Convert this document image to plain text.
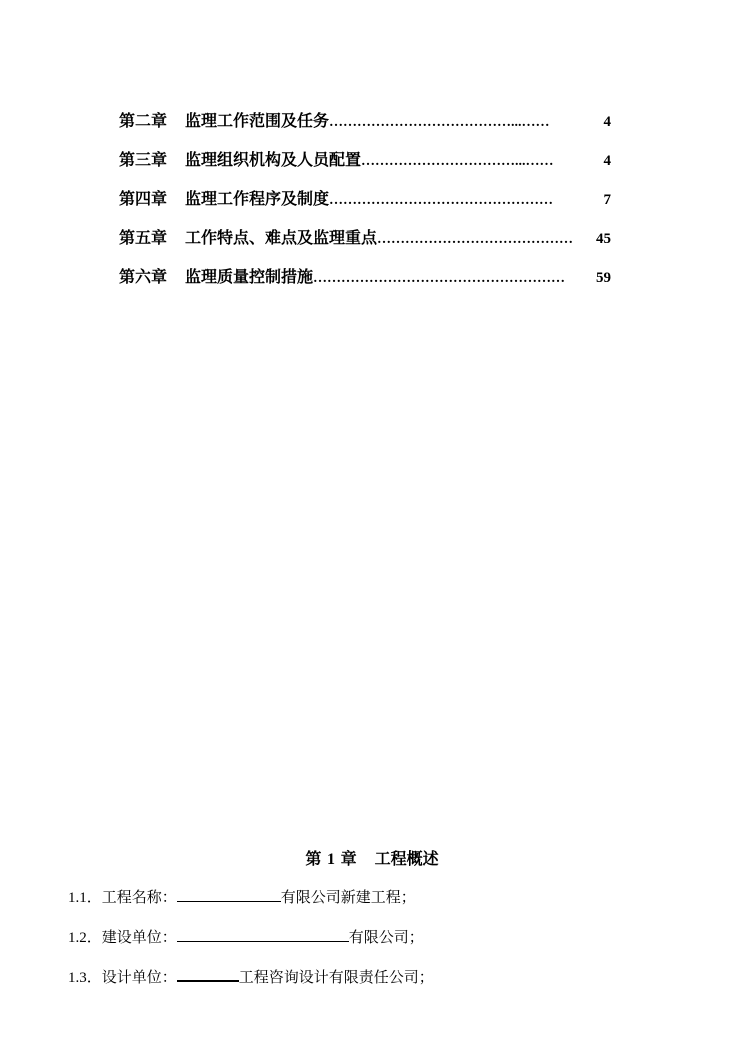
第二章 监理工作范围及任务 …………………………………...……	4
第三章 监理组织机构及人员配置 ……………………………...……	4
第四章 监理工作程序及制度 …………………………………………	7
第五章 工作特点、难点及监理重点 ……………………………………	45
第六章 监理质量控制措施 ………………………………………………	59
第 1 章 工程概述
1.1．工程名称：	有限公司新建工程；
1.2．建设单位：	有限公司；
1.3．设计单位：	工程咨询设计有限责任公司；
